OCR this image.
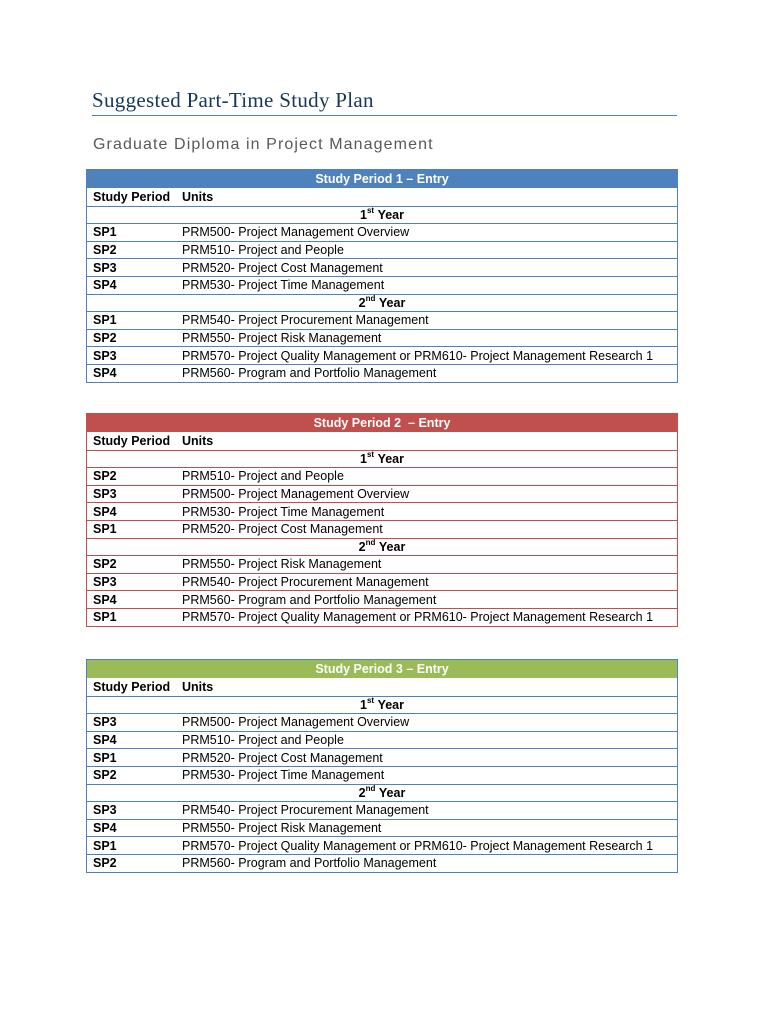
Suggested Part-Time Study Plan
Graduate Diploma in Project Management
Study Period 1 – Entry
Study Period Units
1st Year
SP1	PRM500- Project Management Overview
SP2	PRM510- Project and People
SP3	PRM520- Project Cost Management
SP4	PRM530- Project Time Management
2nd Year
SP1	PRM540- Project Procurement Management
SP2	PRM550- Project Risk Management
SP3	PRM570- Project Quality Management or PRM610- Project Management Research 1
SP4	PRM560- Program and Portfolio Management
Study Period 2  – Entry
Study Period Units
1st Year
SP2	PRM510- Project and People
SP3	PRM500- Project Management Overview
SP4	PRM530- Project Time Management
SP1	PRM520- Project Cost Management
2nd Year
SP2	PRM550- Project Risk Management
SP3	PRM540- Project Procurement Management
SP4	PRM560- Program and Portfolio Management
SP1	PRM570- Project Quality Management or PRM610- Project Management Research 1
Study Period 3 – Entry
Study Period Units
1st Year
SP3	PRM500- Project Management Overview
SP4	PRM510- Project and People
SP1	PRM520- Project Cost Management
SP2	PRM530- Project Time Management
2nd Year
SP3	PRM540- Project Procurement Management
SP4	PRM550- Project Risk Management
SP1	PRM570- Project Quality Management or PRM610- Project Management Research 1
SP2	PRM560- Program and Portfolio Management
